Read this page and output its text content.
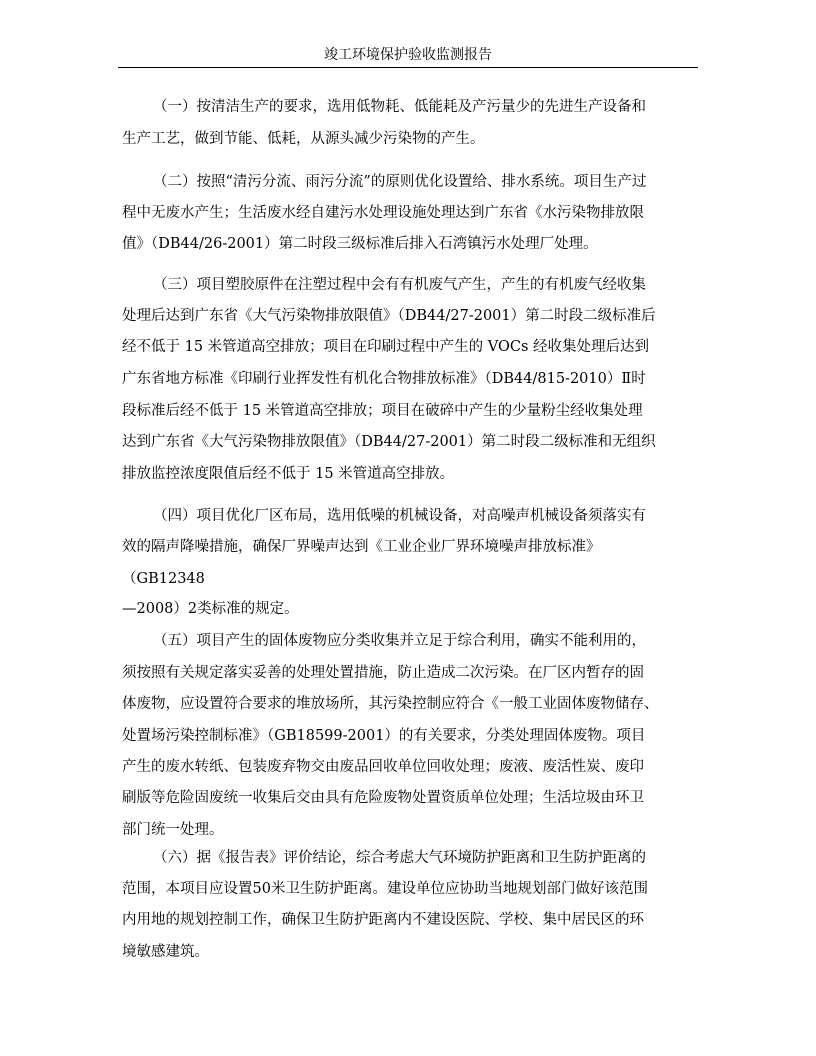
竣工环境保护验收监测报告
（一）按清洁生产的要求，选用低物耗、低能耗及产污量少的先进生产设备和
生产工艺，做到节能、低耗，从源头减少污染物的产生。
（二）按照“清污分流、雨污分流”的原则优化设置给、排水系统。项目生产过
程中无废水产生；生活废水经自建污水处理设施处理达到广东省《水污染物排放限
值》（DB44/26-2001）第二时段三级标准后排入石湾镇污水处理厂处理。
（三）项目塑胶原件在注塑过程中会有有机废气产生，产生的有机废气经收集
处理后达到广东省《大气污染物排放限值》（DB44/27-2001）第二时段二级标准后
经不低于 15 米管道高空排放；项目在印刷过程中产生的 VOCs 经收集处理后达到
广东省地方标准《印刷行业挥发性有机化合物排放标准》（DB44/815-2010）Ⅱ时
段标准后经不低于 15 米管道高空排放；项目在破碎中产生的少量粉尘经收集处理
达到广东省《大气污染物排放限值》（DB44/27-2001）第二时段二级标准和无组织
排放监控浓度限值后经不低于 15 米管道高空排放。
（四）项目优化厂区布局，选用低噪的机械设备，对高噪声机械设备须落实有
效的隔声降噪措施，确保厂界噪声达到《工业企业厂界环境噪声排放标准》
（GB12348
—2008）2类标准的规定。
（五）项目产生的固体废物应分类收集并立足于综合利用，确实不能利用的，
须按照有关规定落实妥善的处理处置措施，防止造成二次污染。在厂区内暂存的固
体废物，应设置符合要求的堆放场所，其污染控制应符合《一般工业固体废物储存、
处置场污染控制标准》（GB18599-2001）的有关要求，分类处理固体废物。项目
产生的废水转纸、包装废弃物交由废品回收单位回收处理；废液、废活性炭、废印
刷版等危险固废统一收集后交由具有危险废物处置资质单位处理；生活垃圾由环卫
部门统一处理。
（六）据《报告表》评价结论，综合考虑大气环境防护距离和卫生防护距离的
范围，本项目应设置50米卫生防护距离。建设单位应协助当地规划部门做好该范围
内用地的规划控制工作，确保卫生防护距离内不建设医院、学校、集中居民区的环
境敏感建筑。
